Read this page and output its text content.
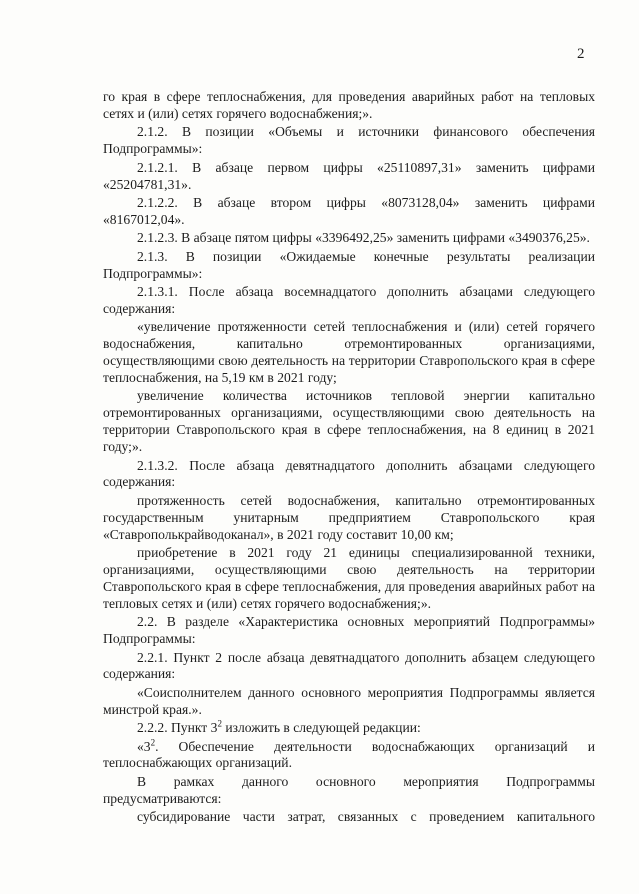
2

го края в сфере теплоснабжения, для проведения аварийных работ на тепловых сетях и (или) сетях горячего водоснабжения;».

2.1.2. В позиции «Объемы и источники финансового обеспечения Подпрограммы»:

2.1.2.1. В абзаце первом цифры «25110897,31» заменить цифрами «25204781,31».

2.1.2.2. В абзаце втором цифры «8073128,04» заменить цифрами «8167012,04».

2.1.2.3. В абзаце пятом цифры «3396492,25» заменить цифрами «3490376,25».

2.1.3. В позиции «Ожидаемые конечные результаты реализации Подпрограммы»:

2.1.3.1. После абзаца восемнадцатого дополнить абзацами следующего содержания:

«увеличение протяженности сетей теплоснабжения и (или) сетей горячего водоснабжения, капитально отремонтированных организациями, осуществляющими свою деятельность на территории Ставропольского края в сфере теплоснабжения, на 5,19 км в 2021 году;

увеличение количества источников тепловой энергии капитально отремонтированных организациями, осуществляющими свою деятельность на территории Ставропольского края в сфере теплоснабжения, на 8 единиц в 2021 году;».

2.1.3.2. После абзаца девятнадцатого дополнить абзацами следующего содержания:

протяженность сетей водоснабжения, капитально отремонтированных государственным унитарным предприятием Ставропольского края «Ставрополькрайводоканал», в 2021 году составит 10,00 км;

приобретение в 2021 году 21 единицы специализированной техники, организациями, осуществляющими свою деятельность на территории Ставропольского края в сфере теплоснабжения, для проведения аварийных работ на тепловых сетях и (или) сетях горячего водоснабжения;».

2.2. В разделе «Характеристика основных мероприятий Подпрограммы» Подпрограммы:

2.2.1. Пункт 2 после абзаца девятнадцатого дополнить абзацем следующего содержания:

«Соисполнителем данного основного мероприятия Подпрограммы является минстрой края.».

2.2.2. Пункт $3^2$ изложить в следующей редакции:

«$3^2$. Обеспечение деятельности водоснабжающих организаций и теплоснабжающих организаций.

В рамках данного основного мероприятия Подпрограммы предусматриваются:

субсидирование части затрат, связанных с проведением капитального
